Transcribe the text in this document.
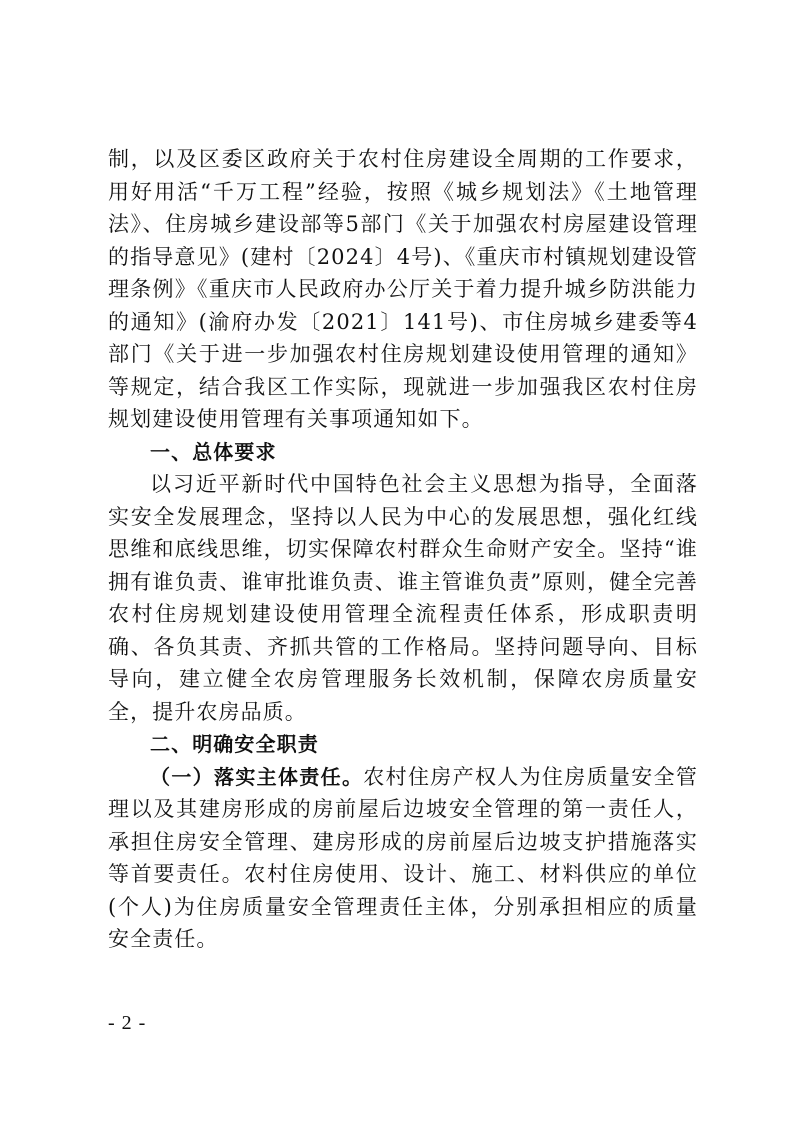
制，以及区委区政府关于农村住房建设全周期的工作要求，用好用活“千万工程”经验，按照《城乡规划法》《土地管理法》、住房城乡建设部等5部门《关于加强农村房屋建设管理的指导意见》(建村〔2024〕4号)、《重庆市村镇规划建设管理条例》《重庆市人民政府办公厅关于着力提升城乡防洪能力的通知》(渝府办发〔2021〕141号)、市住房城乡建委等4部门《关于进一步加强农村住房规划建设使用管理的通知》等规定，结合我区工作实际，现就进一步加强我区农村住房规划建设使用管理有关事项通知如下。

一、总体要求

以习近平新时代中国特色社会主义思想为指导，全面落实安全发展理念，坚持以人民为中心的发展思想，强化红线思维和底线思维，切实保障农村群众生命财产安全。坚持“谁拥有谁负责、谁审批谁负责、谁主管谁负责”原则，健全完善农村住房规划建设使用管理全流程责任体系，形成职责明确、各负其责、齐抓共管的工作格局。坚持问题导向、目标导向，建立健全农房管理服务长效机制，保障农房质量安全，提升农房品质。

二、明确安全职责

（一）落实主体责任。农村住房产权人为住房质量安全管理以及其建房形成的房前屋后边坡安全管理的第一责任人，承担住房安全管理、建房形成的房前屋后边坡支护措施落实等首要责任。农村住房使用、设计、施工、材料供应的单位(个人)为住房质量安全管理责任主体，分别承担相应的质量安全责任。

- 2 -
